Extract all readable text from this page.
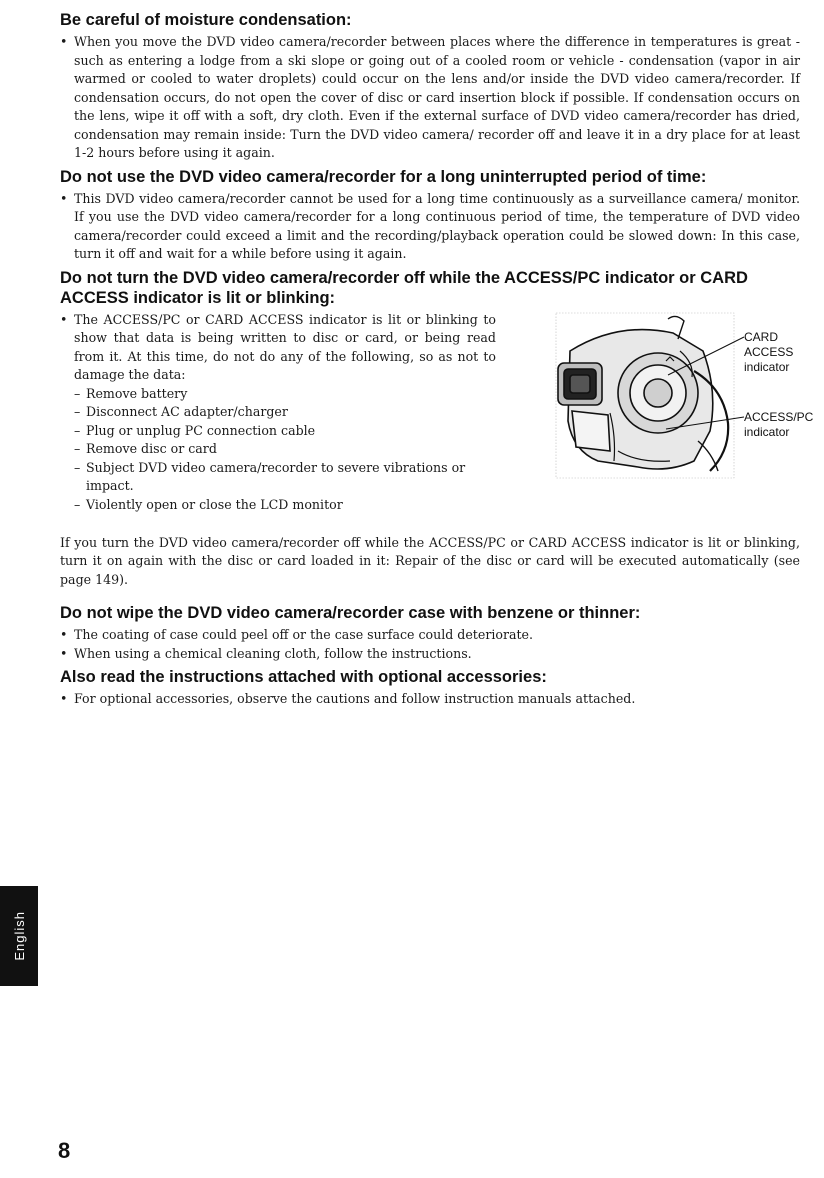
Be careful of moisture condensation:

• When you move the DVD video camera/recorder between places where the difference in temperatures is great - such as entering a lodge from a ski slope or going out of a cooled room or vehicle - condensation (vapor in air warmed or cooled to water droplets) could occur on the lens and/or inside the DVD video camera/recorder. If condensation occurs, do not open the cover of disc or card insertion block if possible. If condensation occurs on the lens, wipe it off with a soft, dry cloth. Even if the external surface of DVD video camera/recorder has dried, condensation may remain inside: Turn the DVD video camera/ recorder off and leave it in a dry place for at least 1-2 hours before using it again.

Do not use the DVD video camera/recorder for a long uninterrupted period of time:

• This DVD video camera/recorder cannot be used for a long time continuously as a surveillance camera/ monitor. If you use the DVD video camera/recorder for a long continuous period of time, the temperature of DVD video camera/recorder could exceed a limit and the recording/playback operation could be slowed down: In this case, turn it off and wait for a while before using it again.

Do not turn the DVD video camera/recorder off while the ACCESS/PC indicator or CARD ACCESS indicator is lit or blinking:

• The ACCESS/PC or CARD ACCESS indicator is lit or blinking to show that data is being written to disc or card, or being read from it. At this time, do not do any of the following, so as not to damage the data:

– Remove battery

– Disconnect AC adapter/charger

– Plug or unplug PC connection cable

– Remove disc or card

– Subject DVD video camera/recorder to severe vibrations or impact.

– Violently open or close the LCD monitor

CARD
ACCESS
indicator
ACCESS/PC
indicator

If you turn the DVD video camera/recorder off while the ACCESS/PC or CARD ACCESS indicator is lit or blinking, turn it on again with the disc or card loaded in it: Repair of the disc or card will be executed automatically (see page 149).

Do not wipe the DVD video camera/recorder case with benzene or thinner:

• The coating of case could peel off or the case surface could deteriorate.

• When using a chemical cleaning cloth, follow the instructions.

Also read the instructions attached with optional accessories:

• For optional accessories, observe the cautions and follow instruction manuals attached.

English
8
